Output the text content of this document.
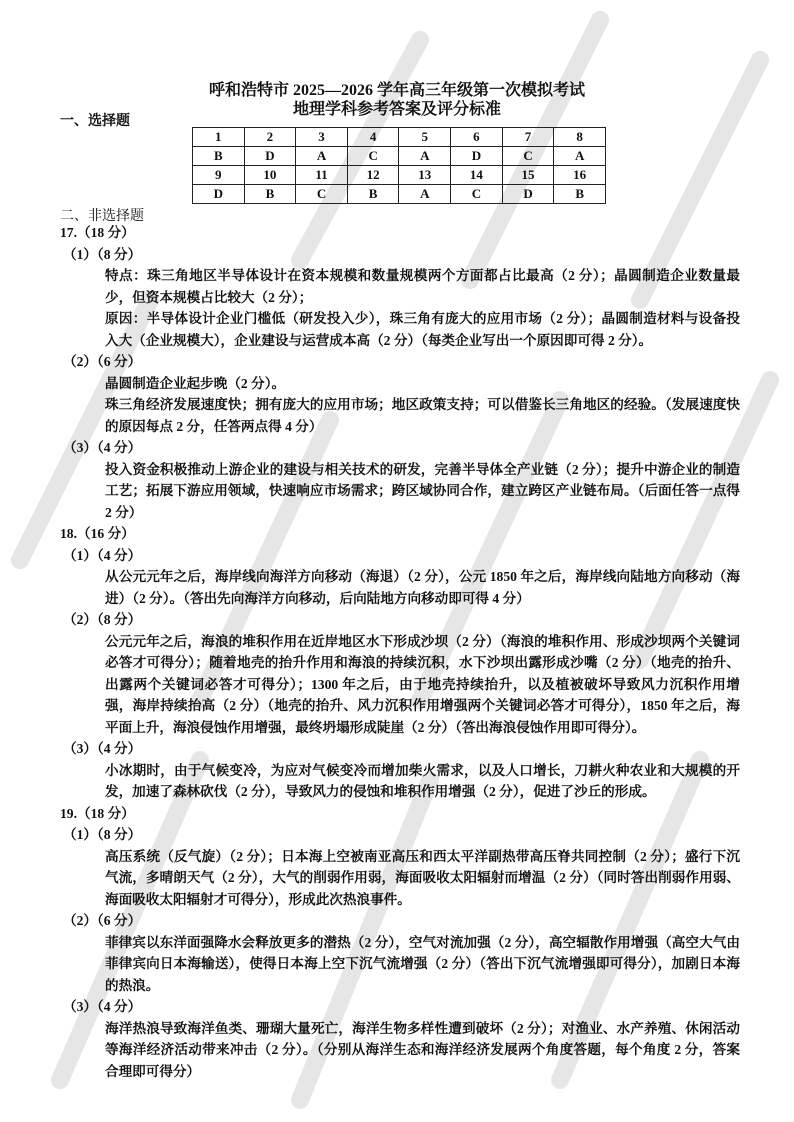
呼和浩特市 2025—2026 学年高三年级第一次模拟考试
地理学科参考答案及评分标准
一、选择题
1	2	3	4	5	6	7	8
B	D	A	C	A	D	C	A
9	10	11	12	13	14	15	16
D	B	C	B	A	C	D	B
二、非选择题
17.（18 分）
（1）（8 分）
特点：珠三角地区半导体设计在资本规模和数量规模两个方面都占比最高（2 分）；晶圆制造企业数量最少，但资本规模占比较大（2 分）；
原因：半导体设计企业门槛低（研发投入少），珠三角有庞大的应用市场（2 分）；晶圆制造材料与设备投入大（企业规模大），企业建设与运营成本高（2 分）（每类企业写出一个原因即可得 2 分）。
（2）（6 分）
晶圆制造企业起步晚（2 分）。
珠三角经济发展速度快；拥有庞大的应用市场；地区政策支持；可以借鉴长三角地区的经验。（发展速度快的原因每点 2 分，任答两点得 4 分）
（3）（4 分）
投入资金积极推动上游企业的建设与相关技术的研发，完善半导体全产业链（2 分）；提升中游企业的制造工艺；拓展下游应用领域，快速响应市场需求；跨区域协同合作，建立跨区产业链布局。（后面任答一点得 2 分）
18.（16 分）
（1）（4 分）
从公元元年之后，海岸线向海洋方向移动（海退）（2 分），公元 1850 年之后，海岸线向陆地方向移动（海进）（2 分）。（答出先向海洋方向移动，后向陆地方向移动即可得 4 分）
（2）（8 分）
公元元年之后，海浪的堆积作用在近岸地区水下形成沙坝（2 分）（海浪的堆积作用、形成沙坝两个关键词必答才可得分）；随着地壳的抬升作用和海浪的持续沉积，水下沙坝出露形成沙嘴（2 分）（地壳的抬升、出露两个关键词必答才可得分）；1300 年之后，由于地壳持续抬升，以及植被破坏导致风力沉积作用增强，海岸持续抬高（2 分）（地壳的抬升、风力沉积作用增强两个关键词必答才可得分），1850 年之后，海平面上升，海浪侵蚀作用增强，最终坍塌形成陡崖（2 分）（答出海浪侵蚀作用即可得分）。
（3）（4 分）
小冰期时，由于气候变冷，为应对气候变冷而增加柴火需求，以及人口增长，刀耕火种农业和大规模的开发，加速了森林砍伐（2 分），导致风力的侵蚀和堆积作用增强（2 分），促进了沙丘的形成。
19.（18 分）
（1）（8 分）
高压系统（反气旋）（2 分）；日本海上空被南亚高压和西太平洋副热带高压脊共同控制（2 分）；盛行下沉气流，多晴朗天气（2 分），大气的削弱作用弱，海面吸收太阳辐射而增温（2 分）（同时答出削弱作用弱、海面吸收太阳辐射才可得分），形成此次热浪事件。
（2）（6 分）
菲律宾以东洋面强降水会释放更多的潜热（2 分），空气对流加强（2 分），高空辐散作用增强（高空大气由菲律宾向日本海输送），使得日本海上空下沉气流增强（2 分）（答出下沉气流增强即可得分），加剧日本海的热浪。
（3）（4 分）
海洋热浪导致海洋鱼类、珊瑚大量死亡，海洋生物多样性遭到破坏（2 分）；对渔业、水产养殖、休闲活动等海洋经济活动带来冲击（2 分）。（分别从海洋生态和海洋经济发展两个角度答题，每个角度 2 分，答案合理即可得分）
